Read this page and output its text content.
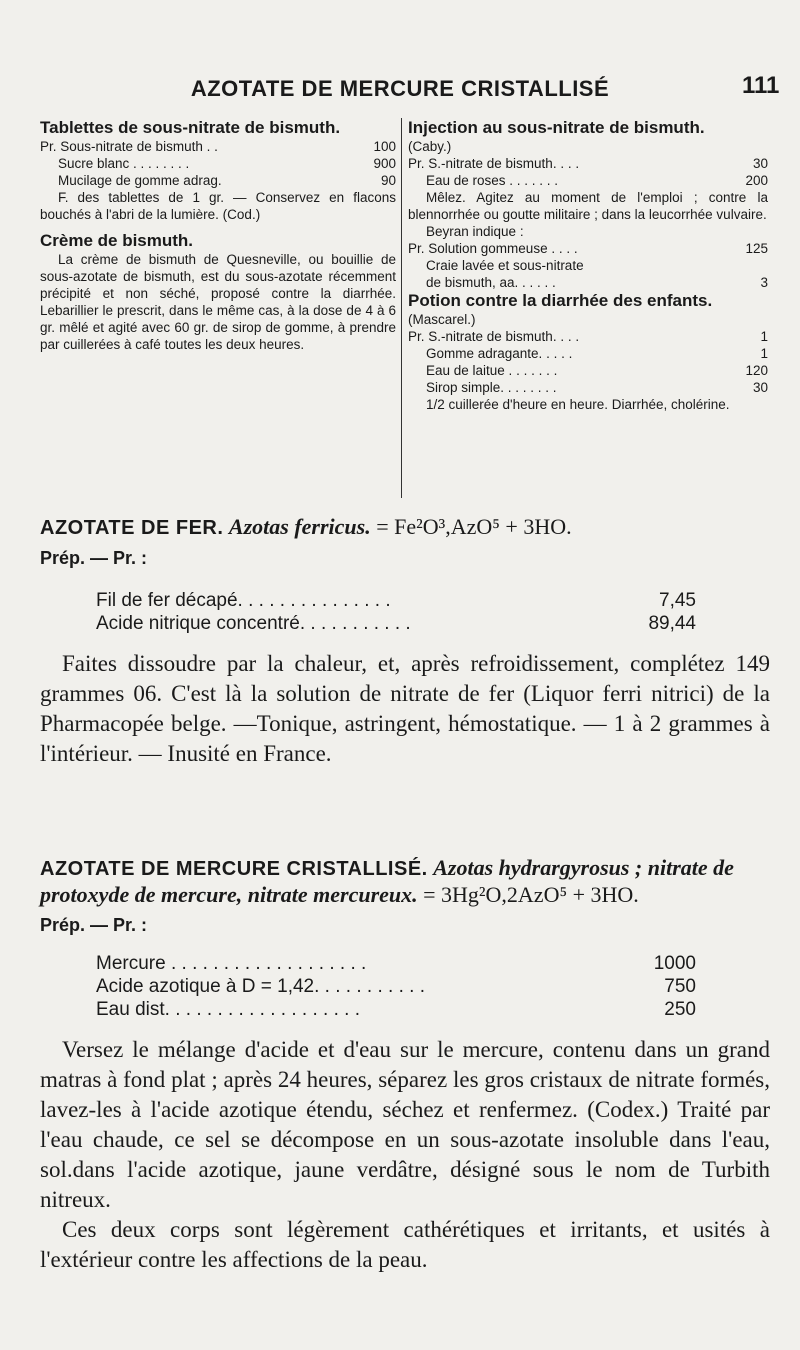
AZOTATE DE MERCURE CRISTALLISÉ	111

Tablettes de sous-nitrate de bismuth.

Pr. Sous-nitrate de bismuth . .	100
Sucre blanc . . . . . . . .	900
Mucilage de gomme adrag.	90

F. des tablettes de 1 gr. — Conservez en flacons bouchés à l'abri de la lumière. (Cod.)

Crème de bismuth.

La crème de bismuth de Quesneville, ou bouillie de sous-azotate de bismuth, est du sous-azotate récemment précipité et non séché, proposé contre la diarrhée. Lebarillier le prescrit, dans le même cas, à la dose de 4 à 6 gr. mêlé et agité avec 60 gr. de sirop de gomme, à prendre par cuillerées à café toutes les deux heures.

Injection au sous-nitrate de bismuth.

(Caby.)
Pr. S.-nitrate de bismuth. . . .	30
Eau de roses . . . . . . .	200

Mêlez. Agitez au moment de l'emploi ; contre la blennorrhée ou goutte militaire ; dans la leucorrhée vulvaire.

Beyran indique :
Pr. Solution gommeuse . . . .	125
Craie lavée et sous-nitrate
de bismuth, aa. . . . . .	3

Potion contre la diarrhée des enfants.

(Mascarel.)
Pr. S.-nitrate de bismuth. . . .	1
Gomme adragante. . . . .	1
Eau de laitue . . . . . . .	120
Sirop simple. . . . . . . .	30

1/2 cuillerée d'heure en heure. Diarrhée, cholérine.

AZOTATE DE FER. Azotas ferricus. = Fe²O³,AzO⁵ + 3HO.

Prép. — Pr. :

Fil de fer décapé. . . . . . . . . . . . . . .	7,45
Acide nitrique concentré. . . . . . . . . . .	89,44

Faites dissoudre par la chaleur, et, après refroidissement, complétez 149 grammes 06. C'est là la solution de nitrate de fer (Liquor ferri nitrici) de la Pharmacopée belge. —Tonique, astringent, hémostatique. — 1 à 2 grammes à l'intérieur. — Inusité en France.

AZOTATE DE MERCURE CRISTALLISÉ. Azotas hydrargyrosus ; nitrate de protoxyde de mercure, nitrate mercureux. = 3Hg²O,2AzO⁵ + 3HO.

Prép. — Pr. :

Mercure . . . . . . . . . . . . . . . . . . .	1000
Acide azotique à D = 1,42. . . . . . . . . . .	750
Eau dist. . . . . . . . . . . . . . . . . . .	250

Versez le mélange d'acide et d'eau sur le mercure, contenu dans un grand matras à fond plat ; après 24 heures, séparez les gros cristaux de nitrate formés, lavez-les à l'acide azotique étendu, séchez et renfermez. (Codex.) Traité par l'eau chaude, ce sel se décompose en un sous-azotate insoluble dans l'eau, sol.dans l'acide azotique, jaune verdâtre, désigné sous le nom de Turbith nitreux.

Ces deux corps sont légèrement cathérétiques et irritants, et usités à l'extérieur contre les affections de la peau.
